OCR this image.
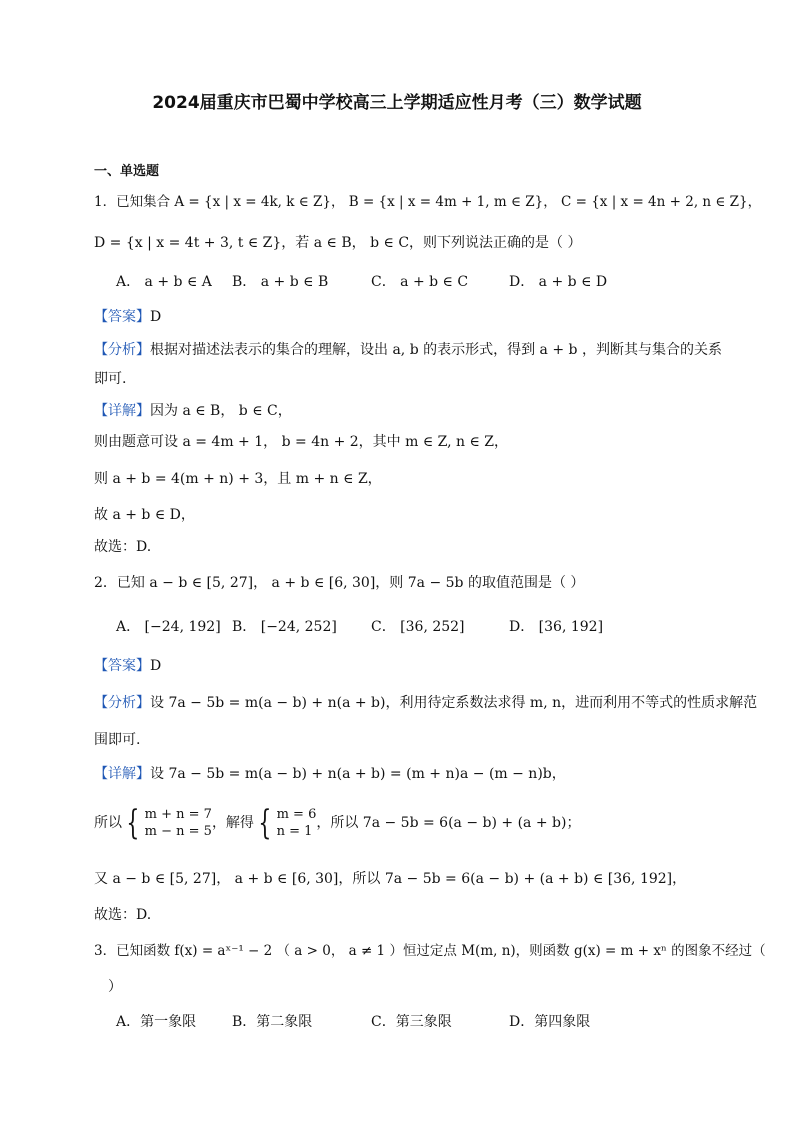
2024届重庆市巴蜀中学校高三上学期适应性月考（三）数学试题
一、单选题
1．已知集合 A = {x | x = 4k, k ∈ Z}， B = {x | x = 4m + 1, m ∈ Z}， C = {x | x = 4n + 2, n ∈ Z}，
D = {x | x = 4t + 3, t ∈ Z}，若 a ∈ B， b ∈ C，则下列说法正确的是（ ）
A． a + b ∈ A B． a + b ∈ B	C． a + b ∈ C	D． a + b ∈ D
【答案】D
【分析】根据对描述法表示的集合的理解，设出 a, b 的表示形式，得到 a + b ，判断其与集合的关系
即可.
【详解】因为 a ∈ B， b ∈ C，
则由题意可设 a = 4m + 1， b = 4n + 2，其中 m ∈ Z, n ∈ Z，
则 a + b = 4(m + n) + 3，且 m + n ∈ Z，
故 a + b ∈ D，
故选：D.
2．已知 a − b ∈ [5, 27]， a + b ∈ [6, 30]，则 7a − 5b 的取值范围是（ ）
A． [−24, 192] B． [−24, 252] C． [36, 252]	D． [36, 192]
【答案】D
【分析】设 7a − 5b = m(a − b) + n(a + b)，利用待定系数法求得 m, n，进而利用不等式的性质求解范
围即可.
【详解】设 7a − 5b = m(a − b) + n(a + b) = (m + n)a − (m − n)b，
所以 { m + n = 7
m − n = 5
，解得 { m = 6
n = 1
，所以 7a − 5b = 6(a − b) + (a + b)；
又 a − b ∈ [5, 27]， a + b ∈ [6, 30]，所以 7a − 5b = 6(a − b) + (a + b) ∈ [36, 192]，
故选：D.
3．已知函数 f(x) = aˣ⁻¹ − 2 （ a > 0， a ≠ 1 ）恒过定点 M(m, n)，则函数 g(x) = m + xⁿ 的图象不经过（
）
A．第一象限	B．第二象限	C．第三象限	D．第四象限
